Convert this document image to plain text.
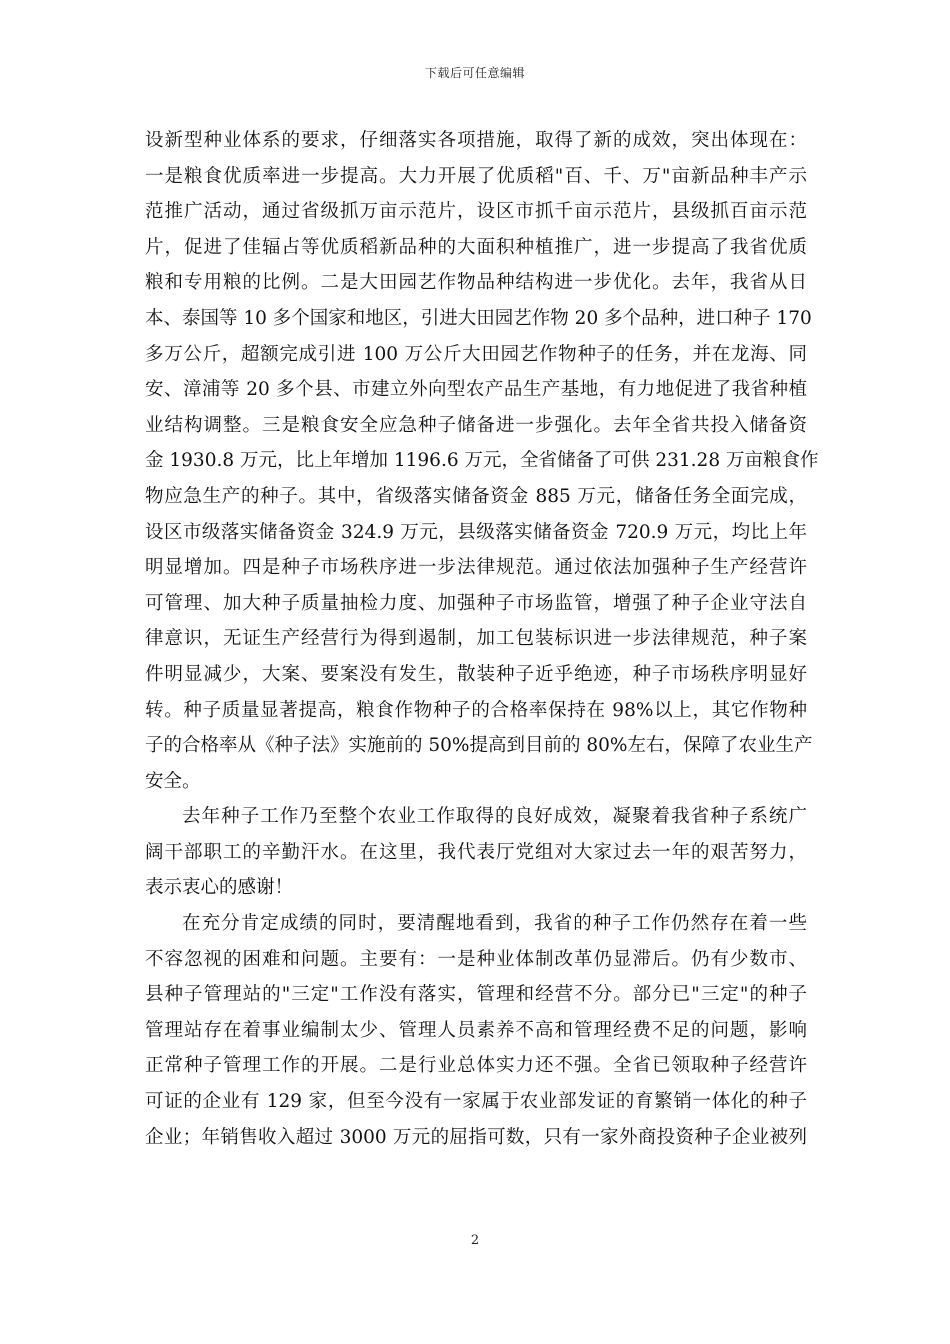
下载后可任意编辑
设新型种业体系的要求，仔细落实各项措施，取得了新的成效，突出体现在：
一是粮食优质率进一步提高。大力开展了优质稻"百、千、万"亩新品种丰产示
范推广活动，通过省级抓万亩示范片，设区市抓千亩示范片，县级抓百亩示范
片，促进了佳辐占等优质稻新品种的大面积种植推广，进一步提高了我省优质
粮和专用粮的比例。二是大田园艺作物品种结构进一步优化。去年，我省从日
本、泰国等 10 多个国家和地区，引进大田园艺作物 20 多个品种，进口种子 170
多万公斤，超额完成引进 100 万公斤大田园艺作物种子的任务，并在龙海、同
安、漳浦等 20 多个县、市建立外向型农产品生产基地，有力地促进了我省种植
业结构调整。三是粮食安全应急种子储备进一步强化。去年全省共投入储备资
金 1930.8 万元，比上年增加 1196.6 万元，全省储备了可供 231.28 万亩粮食作
物应急生产的种子。其中，省级落实储备资金 885 万元，储备任务全面完成，
设区市级落实储备资金 324.9 万元，县级落实储备资金 720.9 万元，均比上年
明显增加。四是种子市场秩序进一步法律规范。通过依法加强种子生产经营许
可管理、加大种子质量抽检力度、加强种子市场监管，增强了种子企业守法自
律意识，无证生产经营行为得到遏制，加工包装标识进一步法律规范，种子案
件明显减少，大案、要案没有发生，散装种子近乎绝迹，种子市场秩序明显好
转。种子质量显著提高，粮食作物种子的合格率保持在 98%以上，其它作物种
子的合格率从《种子法》实施前的 50%提高到目前的 80%左右，保障了农业生产
安全。
去年种子工作乃至整个农业工作取得的良好成效，凝聚着我省种子系统广
阔干部职工的辛勤汗水。在这里，我代表厅党组对大家过去一年的艰苦努力，
表示衷心的感谢！
在充分肯定成绩的同时，要清醒地看到，我省的种子工作仍然存在着一些
不容忽视的困难和问题。主要有：一是种业体制改革仍显滞后。仍有少数市、
县种子管理站的"三定"工作没有落实，管理和经营不分。部分已"三定"的种子
管理站存在着事业编制太少、管理人员素养不高和管理经费不足的问题，影响
正常种子管理工作的开展。二是行业总体实力还不强。全省已领取种子经营许
可证的企业有 129 家，但至今没有一家属于农业部发证的育繁销一体化的种子
企业；年销售收入超过 3000 万元的屈指可数，只有一家外商投资种子企业被列
2
